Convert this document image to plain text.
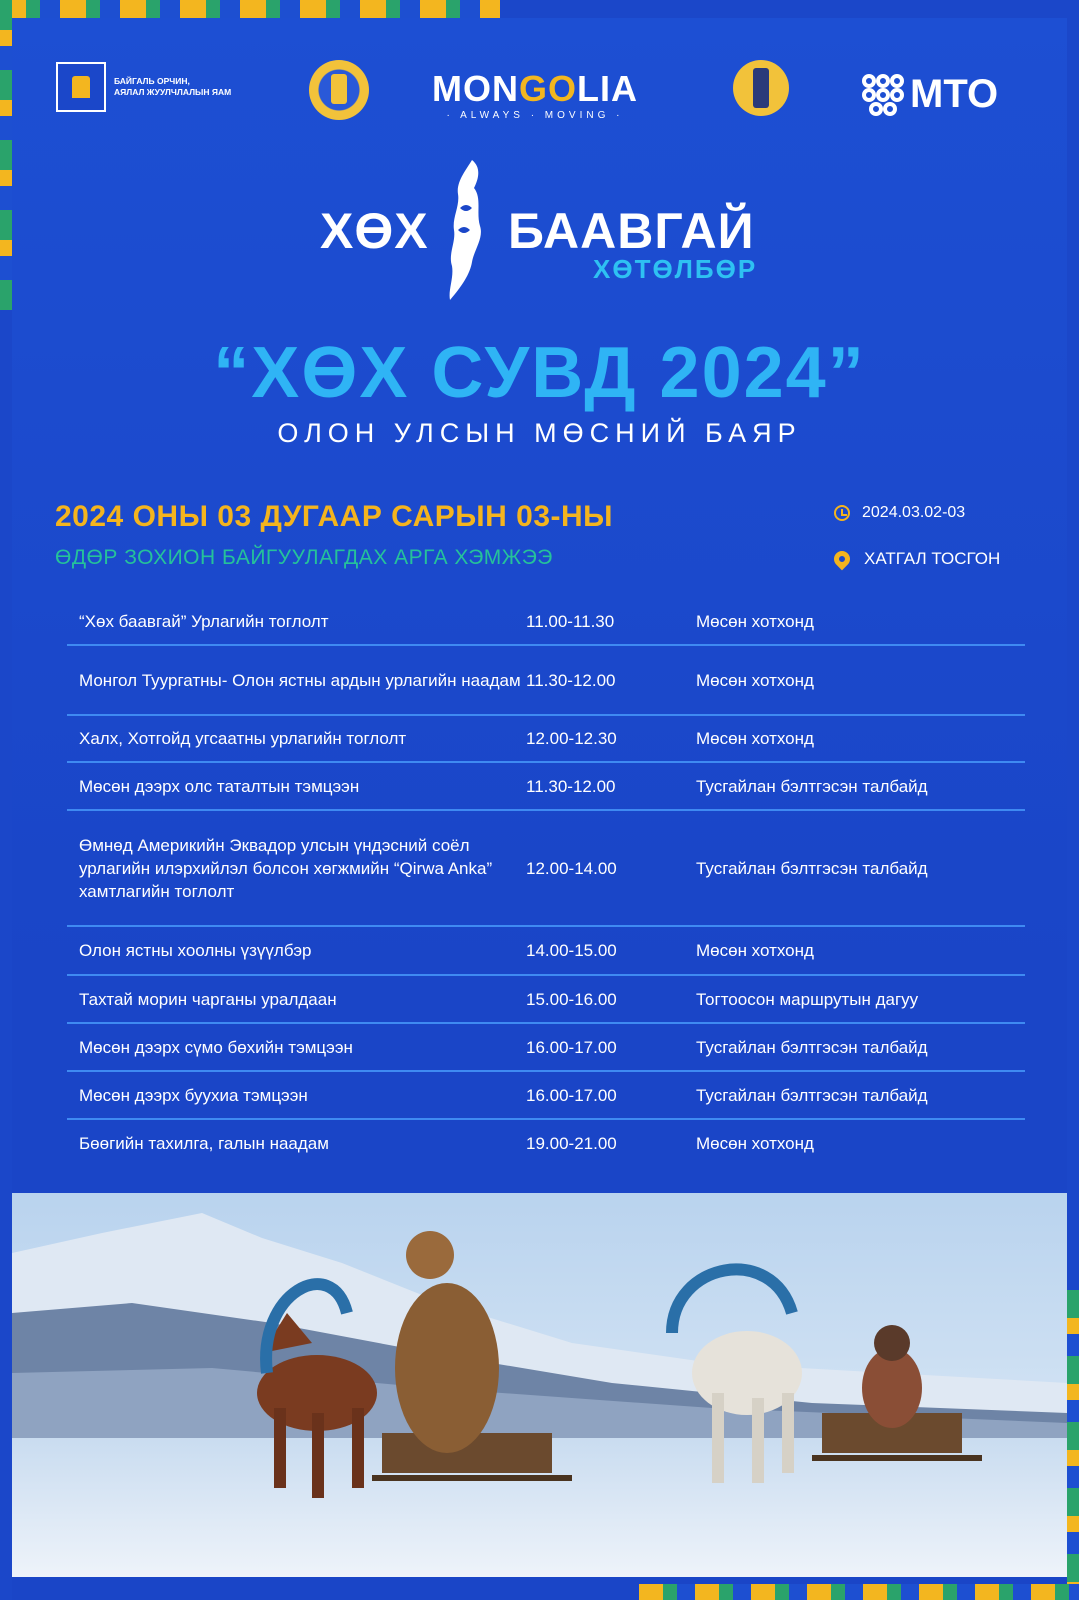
БАЙГАЛЬ ОРЧИН,
АЯЛАЛ ЖУУЛЧЛАЛЫН ЯАМ	MONGOLIA
· ALWAYS · MOVING ·	MTO
ХӨХ БААВГАЙ
ХӨТӨЛБӨР
“ХӨХ СУВД 2024”
ОЛОН УЛСЫН МӨСНИЙ БАЯР
2024 ОНЫ 03 ДУГААР САРЫН 03-НЫ
ӨДӨР ЗОХИОН БАЙГУУЛАГДАХ АРГА ХЭМЖЭЭ
2024.03.02-03
ХАТГАЛ ТОСГОН
“Хөх баавгай” Урлагийн тоглолт	11.00-11.30	Мөсөн хотхонд
Монгол Туургатны- Олон ястны ардын урлагийн наадам 11.30-12.00	Мөсөн хотхонд
Халх, Хотгойд угсаатны урлагийн тоглолт	12.00-12.30	Мөсөн хотхонд
Мөсөн дээрх олс таталтын тэмцээн	11.30-12.00	Тусгайлан бэлтгэсэн талбайд
Өмнөд Америкийн Эквадор улсын үндэсний соёл урлагийн илэрхийлэл болсон хөгжмийн “Qirwa Anka” хамтлагийн тоглолт
12.00-14.00	Тусгайлан бэлтгэсэн талбайд
Олон ястны хоолны үзүүлбэр	14.00-15.00	Мөсөн хотхонд
Тахтай морин чарганы уралдаан	15.00-16.00	Тогтоосон маршрутын дагуу
Мөсөн дээрх сүмо бөхийн тэмцээн	16.00-17.00	Тусгайлан бэлтгэсэн талбайд
Мөсөн дээрх буухиа тэмцээн	16.00-17.00	Тусгайлан бэлтгэсэн талбайд
Бөөгийн тахилга, галын наадам	19.00-21.00	Мөсөн хотхонд
